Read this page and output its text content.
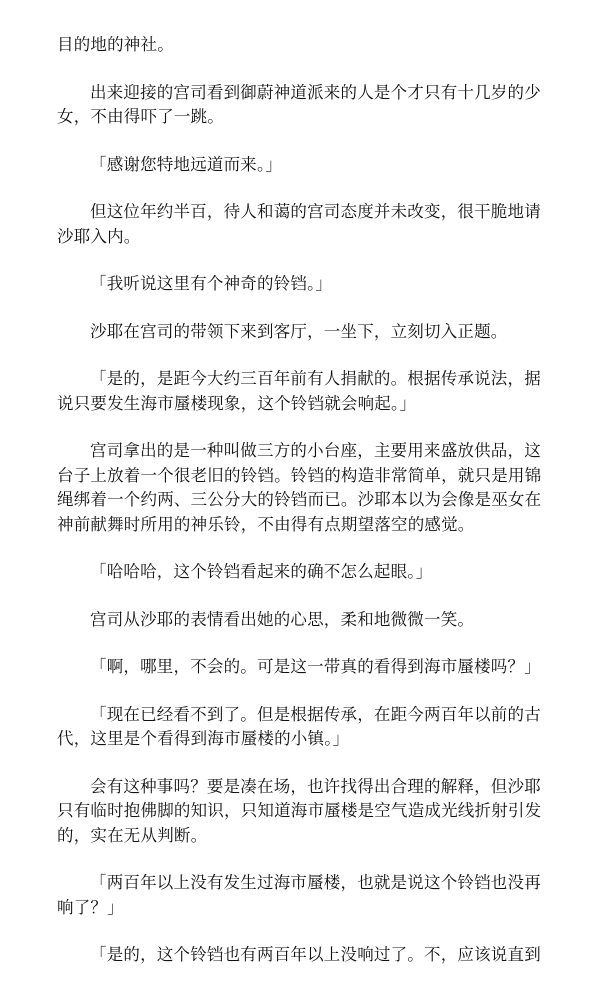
目的地的神社。

出来迎接的宫司看到御蔚神道派来的人是个才只有十几岁的少女，不由得吓了一跳。

「感谢您特地远道而来。」

但这位年约半百，待人和蔼的宫司态度并未改变，很干脆地请沙耶入内。

「我听说这里有个神奇的铃铛。」

沙耶在宫司的带领下来到客厅，一坐下，立刻切入正题。

「是的，是距今大约三百年前有人捐献的。根据传承说法，据说只要发生海市蜃楼现象，这个铃铛就会响起。」

宫司拿出的是一种叫做三方的小台座，主要用来盛放供品，这台子上放着一个很老旧的铃铛。铃铛的构造非常简单，就只是用锦绳绑着一个约两、三公分大的铃铛而已。沙耶本以为会像是巫女在神前献舞时所用的神乐铃，不由得有点期望落空的感觉。

「哈哈哈，这个铃铛看起来的确不怎么起眼。」

宫司从沙耶的表情看出她的心思，柔和地微微一笑。

「啊，哪里，不会的。可是这一带真的看得到海市蜃楼吗？」

「现在已经看不到了。但是根据传承，在距今两百年以前的古代，这里是个看得到海市蜃楼的小镇。」

会有这种事吗？要是凑在场，也许找得出合理的解释，但沙耶只有临时抱佛脚的知识，只知道海市蜃楼是空气造成光线折射引发的，实在无从判断。

「两百年以上没有发生过海市蜃楼，也就是说这个铃铛也没再响了？」

「是的，这个铃铛也有两百年以上没响过了。不，应该说直到
